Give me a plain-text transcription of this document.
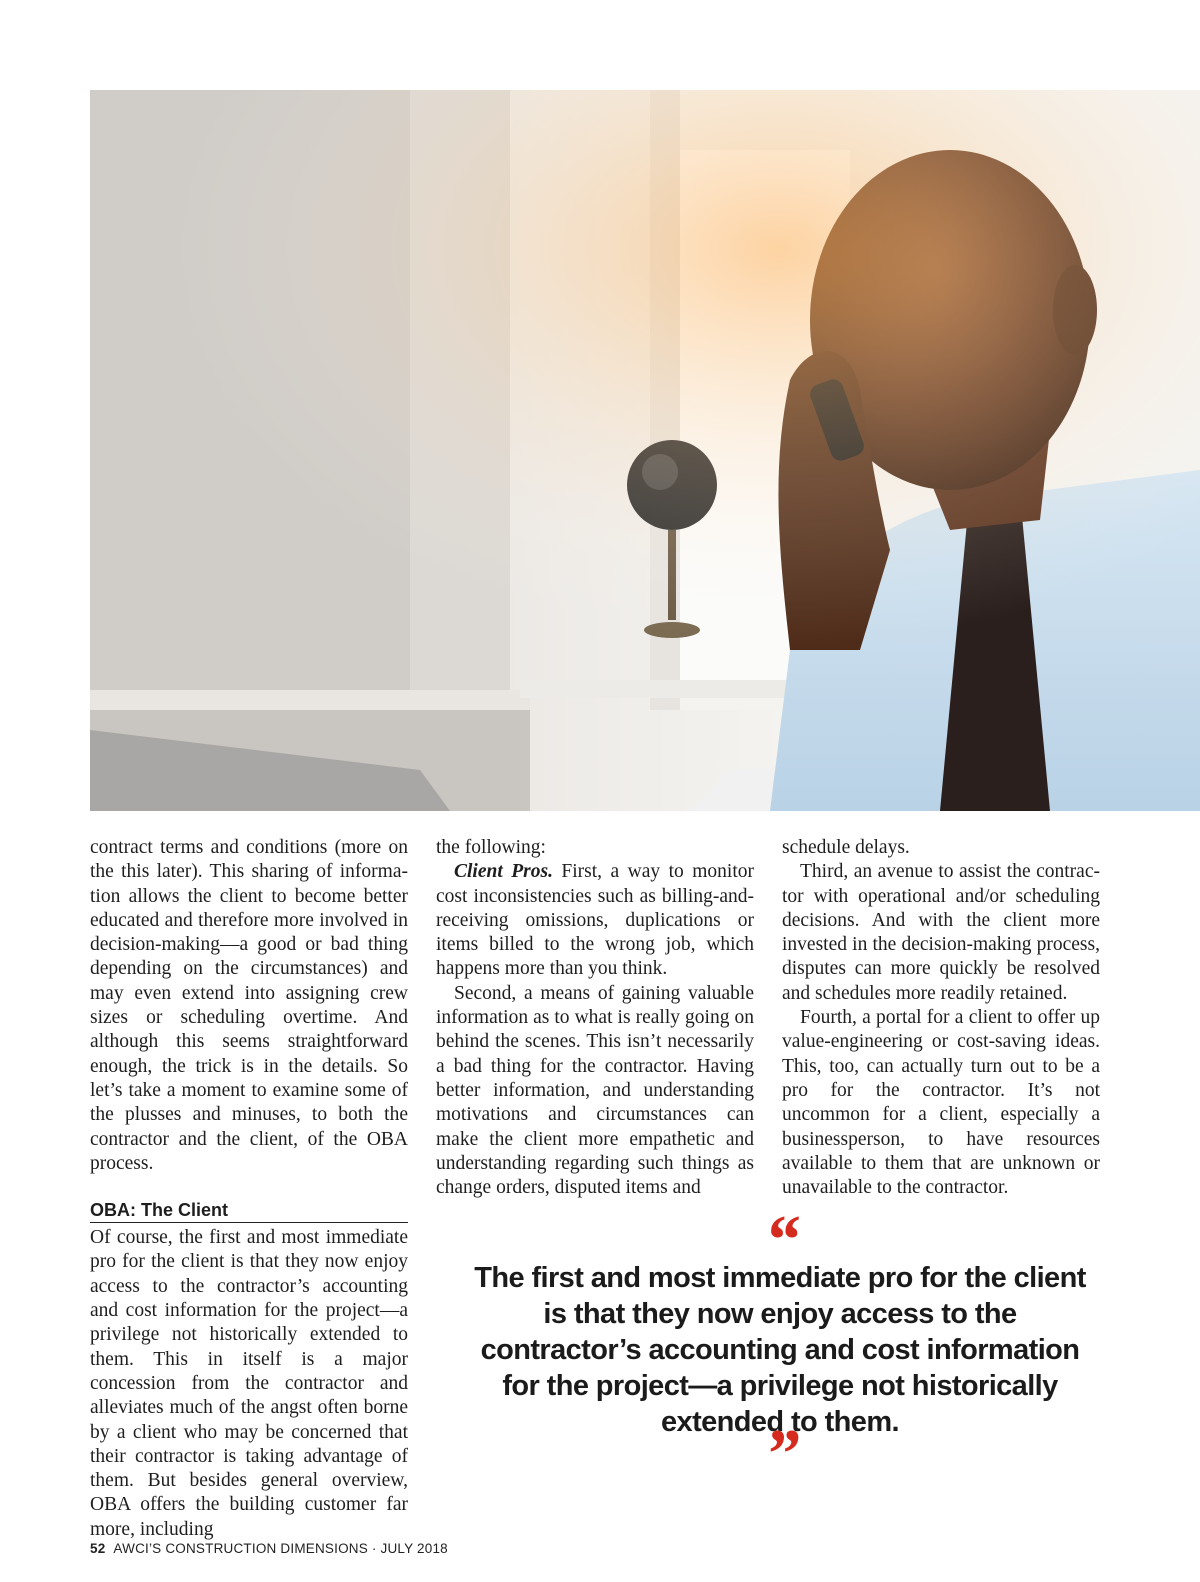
contract terms and conditions (more on the this later). This sharing of information allows the client to become better educated and therefore more involved in decision-making—a good or bad thing depending on the circumstances) and may even extend into assigning crew sizes or scheduling overtime. And although this seems straightforward enough, the trick is in the details. So let’s take a moment to examine some of the plusses and minuses, to both the contractor and the client, of the OBA process.

OBA: The Client

Of course, the first and most immediate pro for the client is that they now enjoy access to the contractor’s accounting and cost information for the project—a privilege not historically extended to them. This in itself is a major concession from the contractor and alleviates much of the angst often borne by a client who may be concerned that their contractor is taking advantage of them. But besides general overview, OBA offers the building customer far more, including

the following:

Client Pros. First, a way to monitor cost inconsistencies such as billing-and-receiving omissions, duplications or items billed to the wrong job, which happens more than you think.

Second, a means of gaining valuable information as to what is really going on behind the scenes. This isn’t necessarily a bad thing for the contractor. Having better information, and understanding motivations and circumstances can make the client more empathetic and understanding regarding such things as change orders, disputed items and

schedule delays.

Third, an avenue to assist the contractor with operational and/or scheduling decisions. And with the client more invested in the decision-making process, disputes can more quickly be resolved and schedules more readily retained.

Fourth, a portal for a client to offer up value-engineering or cost-saving ideas. This, too, can actually turn out to be a pro for the contractor. It’s not uncommon for a client, especially a businessperson, to have resources available to them that are unknown or unavailable to the contractor.

“
The first and most immediate pro for the client is that they now enjoy access to the contractor’s accounting and cost information for the project—a privilege not historically extended to them.
”
52 AWCI’S CONSTRUCTION DIMENSIONS · JULY 2018
